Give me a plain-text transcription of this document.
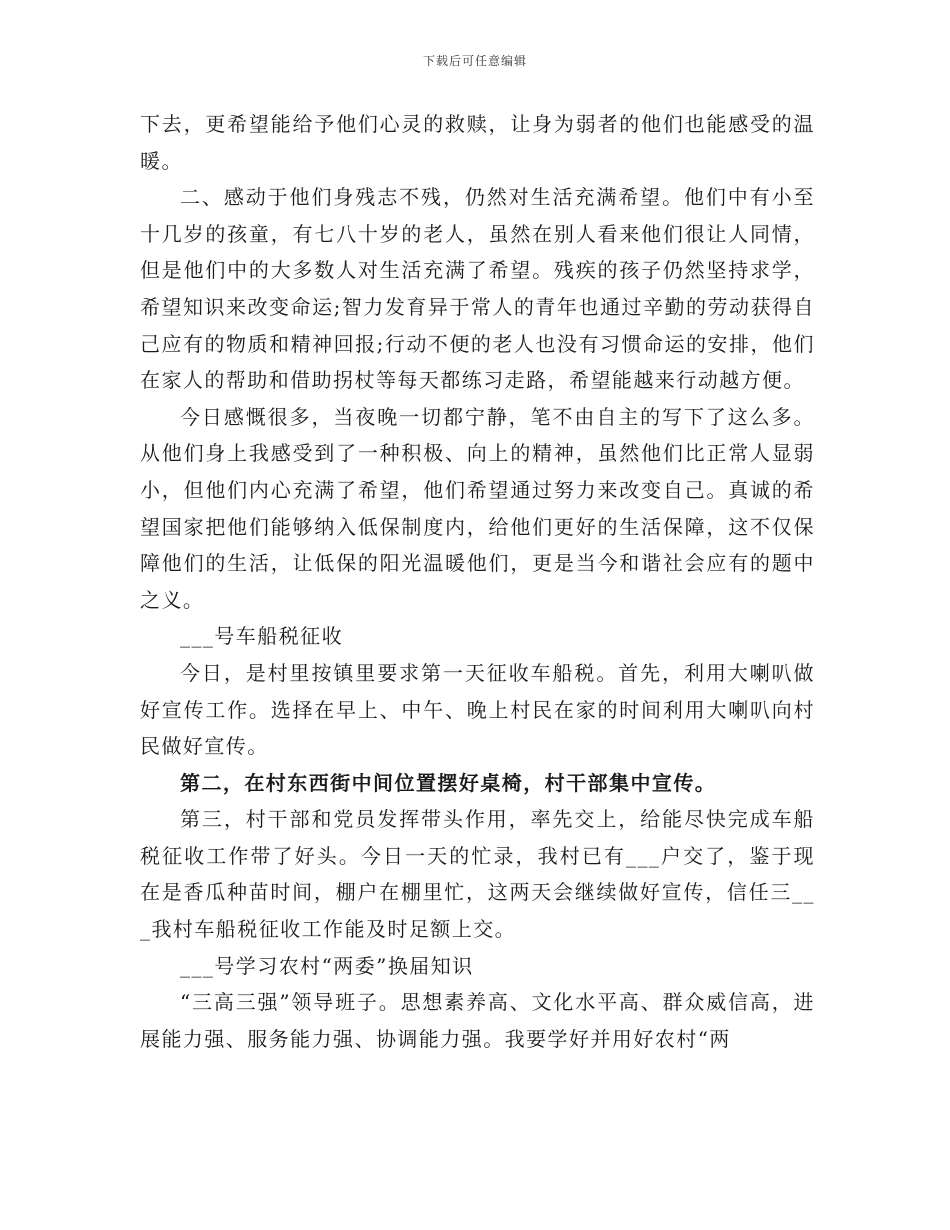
下载后可任意编辑

下去，更希望能给予他们心灵的救赎，让身为弱者的他们也能感受的温暖。

二、感动于他们身残志不残，仍然对生活充满希望。他们中有小至十几岁的孩童，有七八十岁的老人，虽然在别人看来他们很让人同情，但是他们中的大多数人对生活充满了希望。残疾的孩子仍然坚持求学，希望知识来改变命运;智力发育异于常人的青年也通过辛勤的劳动获得自己应有的物质和精神回报;行动不便的老人也没有习惯命运的安排，他们在家人的帮助和借助拐杖等每天都练习走路，希望能越来行动越方便。

今日感慨很多，当夜晚一切都宁静，笔不由自主的写下了这么多。从他们身上我感受到了一种积极、向上的精神，虽然他们比正常人显弱小，但他们内心充满了希望，他们希望通过努力来改变自己。真诚的希望国家把他们能够纳入低保制度内，给他们更好的生活保障，这不仅保障他们的生活，让低保的阳光温暖他们，更是当今和谐社会应有的题中之义。

___号车船税征收

今日，是村里按镇里要求第一天征收车船税。首先，利用大喇叭做好宣传工作。选择在早上、中午、晚上村民在家的时间利用大喇叭向村民做好宣传。

第二，在村东西街中间位置摆好桌椅，村干部集中宣传。

第三，村干部和党员发挥带头作用，率先交上，给能尽快完成车船税征收工作带了好头。今日一天的忙录，我村已有___户交了，鉴于现在是香瓜种苗时间，棚户在棚里忙，这两天会继续做好宣传，信任三___我村车船税征收工作能及时足额上交。

___号学习农村“两委”换届知识

“三高三强”领导班子。思想素养高、文化水平高、群众威信高，进展能力强、服务能力强、协调能力强。我要学好并用好农村“两
